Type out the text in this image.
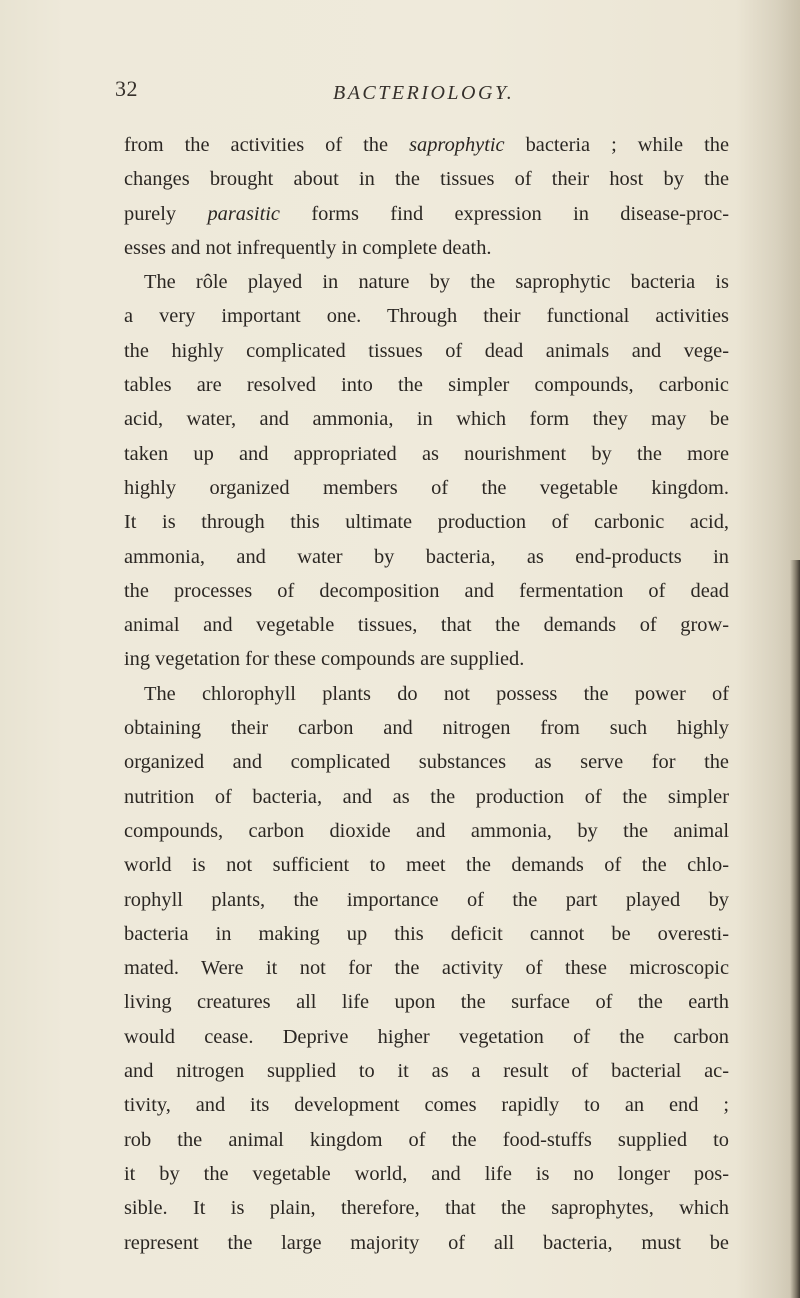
32	BACTERIOLOGY.
from the activities of the saprophytic bacteria ; while the
changes brought about in the tissues of their host by the
purely parasitic forms find expression in disease-proc-
esses and not infrequently in complete death.
The rôle played in nature by the saprophytic bacteria is
a very important one. Through their functional activities
the highly complicated tissues of dead animals and vege-
tables are resolved into the simpler compounds, carbonic
acid, water, and ammonia, in which form they may be
taken up and appropriated as nourishment by the more
highly organized members of the vegetable kingdom.
It is through this ultimate production of carbonic acid,
ammonia, and water by bacteria, as end-products in
the processes of decomposition and fermentation of dead
animal and vegetable tissues, that the demands of grow-
ing vegetation for these compounds are supplied.
The chlorophyll plants do not possess the power of
obtaining their carbon and nitrogen from such highly
organized and complicated substances as serve for the
nutrition of bacteria, and as the production of the simpler
compounds, carbon dioxide and ammonia, by the animal
world is not sufficient to meet the demands of the chlo-
rophyll plants, the importance of the part played by
bacteria in making up this deficit cannot be overesti-
mated. Were it not for the activity of these microscopic
living creatures all life upon the surface of the earth
would cease. Deprive higher vegetation of the carbon
and nitrogen supplied to it as a result of bacterial ac-
tivity, and its development comes rapidly to an end ;
rob the animal kingdom of the food-stuffs supplied to
it by the vegetable world, and life is no longer pos-
sible. It is plain, therefore, that the saprophytes, which
represent the large majority of all bacteria, must be
